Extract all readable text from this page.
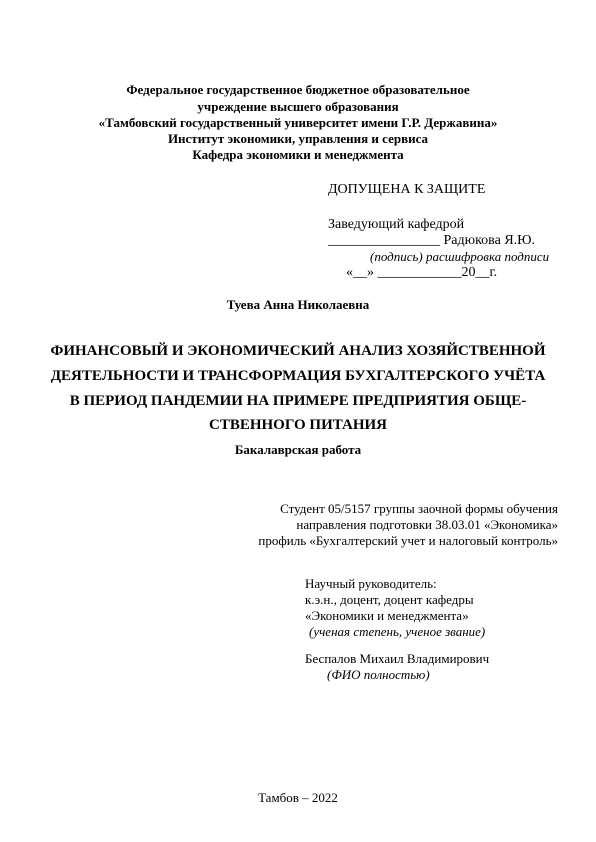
Федеральное государственное бюджетное образовательное
учреждение высшего образования
«Тамбовский государственный университет имени Г.Р. Державина»
Институт экономики, управления и сервиса
Кафедра экономики и менеджмента
ДОПУЩЕНА К ЗАЩИТЕ
Заведующий кафедрой
________________ Радюкова Я.Ю.
(подпись) расшифровка подписи
«__» ____________20__г.
Туева Анна Николаевна
ФИНАНСОВЫЙ И ЭКОНОМИЧЕСКИЙ АНАЛИЗ ХОЗЯЙСТВЕННОЙ
ДЕЯТЕЛЬНОСТИ И ТРАНСФОРМАЦИЯ БУХГАЛТЕРСКОГО УЧЁТА
В ПЕРИОД ПАНДЕМИИ НА ПРИМЕРЕ ПРЕДПРИЯТИЯ ОБЩЕ-
СТВЕННОГО ПИТАНИЯ
Бакалаврская работа
Студент 05/5157 группы заочной формы обучения
направления подготовки 38.03.01 «Экономика»
профиль «Бухгалтерский учет и налоговый контроль»
Научный руководитель:
к.э.н., доцент, доцент кафедры
«Экономики и менеджмента»
(ученая степень, ученое звание)
Беспалов Михаил Владимирович
(ФИО полностью)
Тамбов – 2022
